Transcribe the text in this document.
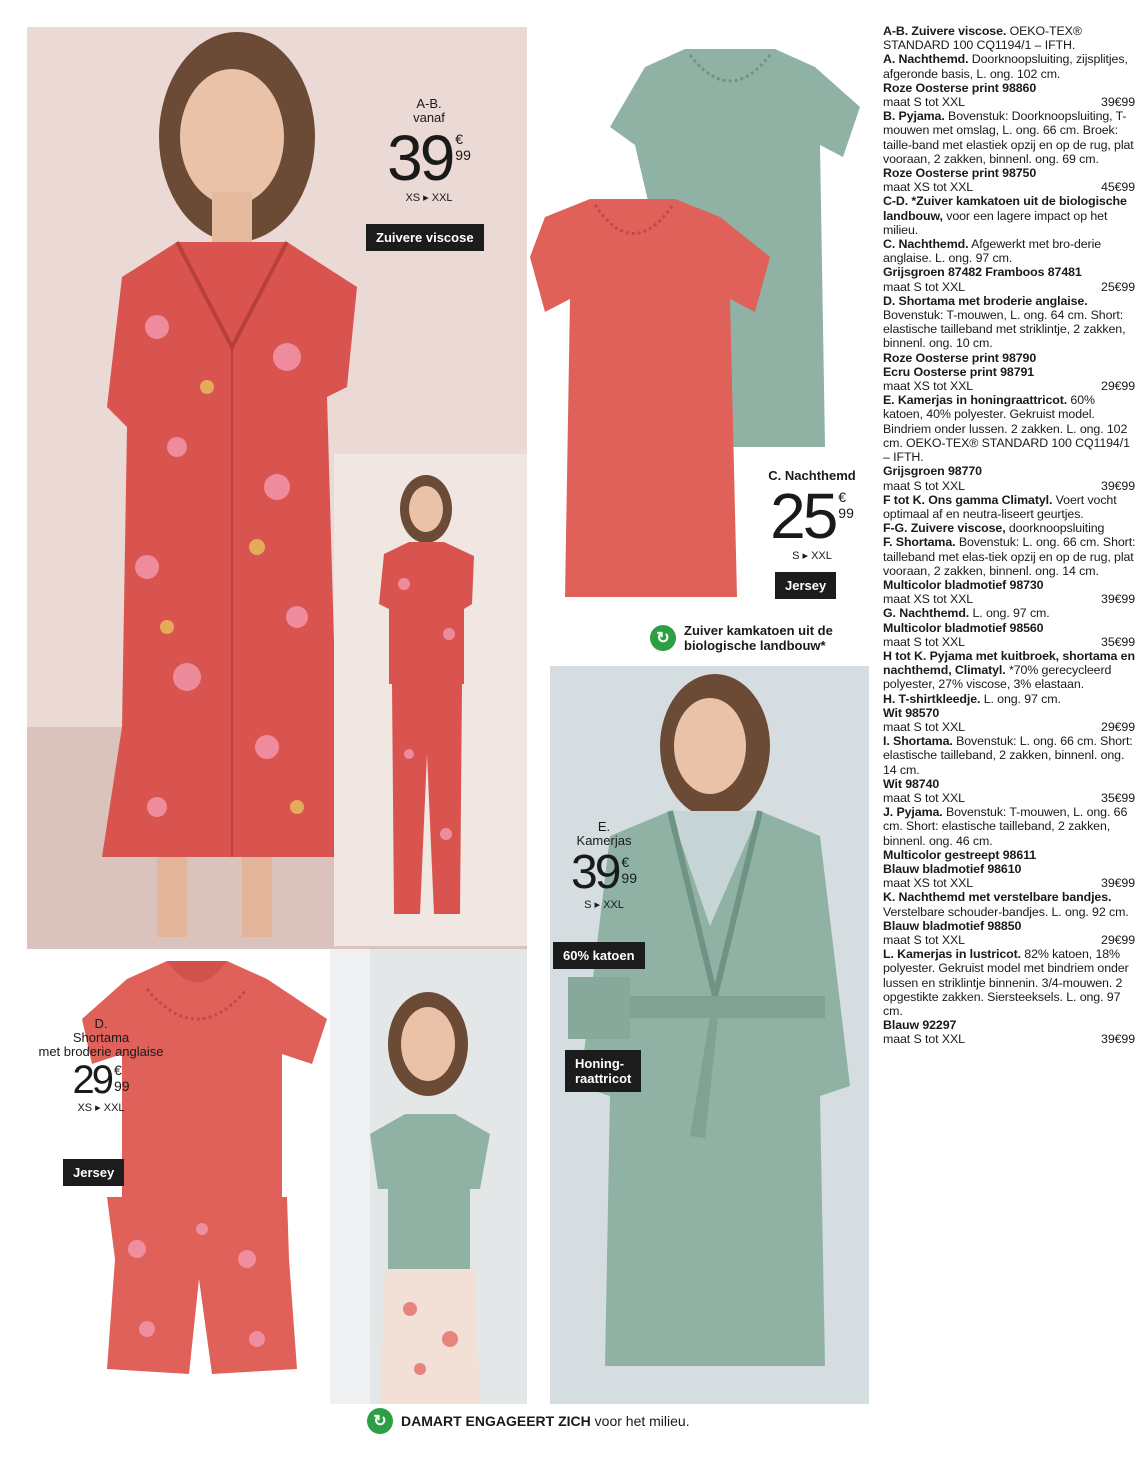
A-B.
vanaf
39 €
99
XS ▸ XXL
Zuivere viscose
C. Nachthemd
25 €
99
S ▸ XXL
Jersey
↻	Zuiver kamkatoen uit de
biologische landbouw*
E.
Kamerjas
39 €
99
S ▸ XXL
60% katoen
Honing-
raattricot
D.
Shortama
met broderie anglaise
29 €
99
XS ▸ XXL
Jersey
↻	DAMART ENGAGEERT ZICH voor het milieu.

A-B. Zuivere viscose. OEKO-TEX® STANDARD 100 CQ1194/1 – IFTH.

A. Nachthemd. Doorknoopsluiting, zijsplitjes, afgeronde basis, L. ong. 102 cm.

Roze Oosterse print 98860

maat S tot XXL	39€99

B. Pyjama. Bovenstuk: Doorknoopsluiting, T-mouwen met omslag, L. ong. 66 cm. Broek: taille-band met elastiek opzij en op de rug, plat vooraan, 2 zakken, binnenl. ong. 69 cm.

Roze Oosterse print 98750

maat XS tot XXL	45€99

C-D. *Zuiver kamkatoen uit de biologische landbouw, voor een lagere impact op het milieu.

C. Nachthemd. Afgewerkt met bro-derie anglaise. L. ong. 97 cm.

Grijsgroen 87482 Framboos 87481

maat S tot XXL	25€99

D. Shortama met broderie anglaise. Bovenstuk: T-mouwen, L. ong. 64 cm. Short: elastische tailleband met striklintje, 2 zakken, binnenl. ong. 10 cm.

Roze Oosterse print 98790

Ecru Oosterse print 98791

maat XS tot XXL	29€99

E. Kamerjas in honingraattricot. 60% katoen, 40% polyester. Gekruist model. Bindriem onder lussen. 2 zakken. L. ong. 102 cm. OEKO-TEX® STANDARD 100 CQ1194/1 – IFTH.

Grijsgroen 98770

maat S tot XXL	39€99

F tot K. Ons gamma Climatyl. Voert vocht optimaal af en neutra-liseert geurtjes.

F-G. Zuivere viscose, doorknoopsluiting

F. Shortama. Bovenstuk: L. ong. 66 cm. Short: tailleband met elas-tiek opzij en op de rug, plat vooraan, 2 zakken, binnenl. ong. 14 cm.

Multicolor bladmotief 98730

maat XS tot XXL	39€99

G. Nachthemd. L. ong. 97 cm.

Multicolor bladmotief 98560

maat S tot XXL	35€99

H tot K. Pyjama met kuitbroek, shortama en nachthemd, Climatyl. *70% gerecycleerd polyester, 27% viscose, 3% elastaan.

H. T-shirtkleedje. L. ong. 97 cm.

Wit 98570

maat S tot XXL	29€99

I. Shortama. Bovenstuk: L. ong. 66 cm. Short: elastische tailleband, 2 zakken, binnenl. ong. 14 cm.

Wit 98740

maat S tot XXL	35€99

J. Pyjama. Bovenstuk: T-mouwen, L. ong. 66 cm. Short: elastische tailleband, 2 zakken, binnenl. ong. 46 cm.

Multicolor gestreept 98611

Blauw bladmotief 98610

maat XS tot XXL	39€99

K. Nachthemd met verstelbare bandjes. Verstelbare schouder-bandjes. L. ong. 92 cm.

Blauw bladmotief 98850

maat S tot XXL	29€99

L. Kamerjas in lustricot. 82% katoen, 18% polyester. Gekruist model met bindriem onder lussen en striklintje binnenin. 3/4-mouwen. 2 opgestikte zakken. Siersteeksels. L. ong. 97 cm.

Blauw 92297

maat S tot XXL	39€99
